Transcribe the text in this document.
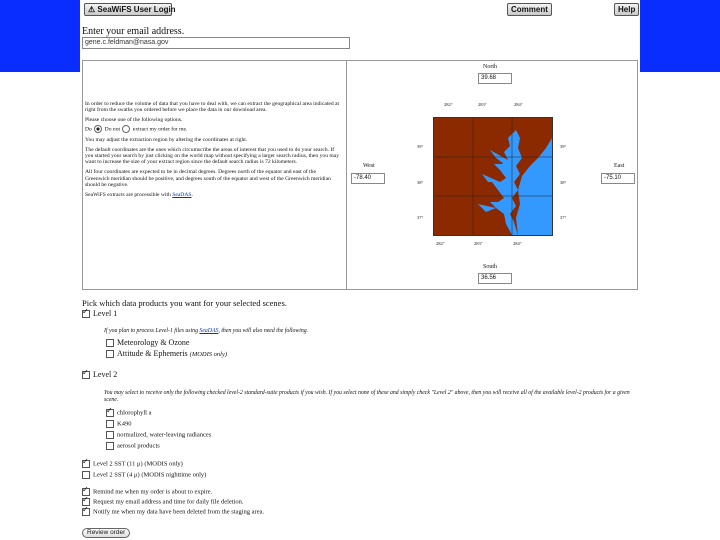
⚠ SeaWiFS User Login	Comment	Help
Enter your email address.
gene.c.feldman@nasa.gov

In order to reduce the volume of data that you have to deal with, we can extract the geographical area indicated at right from the swaths you ordered before we place the data in our download area.

Please choose one of the following options.

Do Do not extract my order for me.

You may adjust the extraction region by altering the coordinates at right.

The default coordinates are the ones which circumscribe the areas of interest that you used to do your search. If you started your search by just clicking on the world map without specifying a larger search radius, then you may want to increase the size of your extract region since the default search radius is 72 kilometers.

All four coordinates are expected to be in decimal degrees. Degrees north of the equator and east of the Greenwich meridian should be positive, and degrees south of the equator and west of the Greenwich meridian should be negative.

SeaWiFS extracts are processible with SeaDAS.

North
39.68
282°	283°	284°
39°
38°
37°
39°
38°
37°
West
-78.40
East
-75.10
282°	283°	284°
South
36.56
Pick which data products you want for your selected scenes.
✓Level 1
If you plan to process Level-1 files using SeaDAS, then you will also need the following.
Meteorology & Ozone
Attitude & Ephemeris (MODIS only)
✓Level 2
You may select to receive only the following checked level-2 standard-suite products if you wish. If you select none of these and simply check "Level 2" above, then you will receive all of the available level-2 products for a given scene.
✓chlorophyll a
K490
normalized, water-leaving radiances
aerosol products
✓Level 2 SST (11 μ) (MODIS only)
Level 2 SST (4 μ) (MODIS nighttime only)
✓Remind me when my order is about to expire.
✓Request my email address and time for daily file deletion.
✓Notify me when my data have been deleted from the staging area.
Review order
